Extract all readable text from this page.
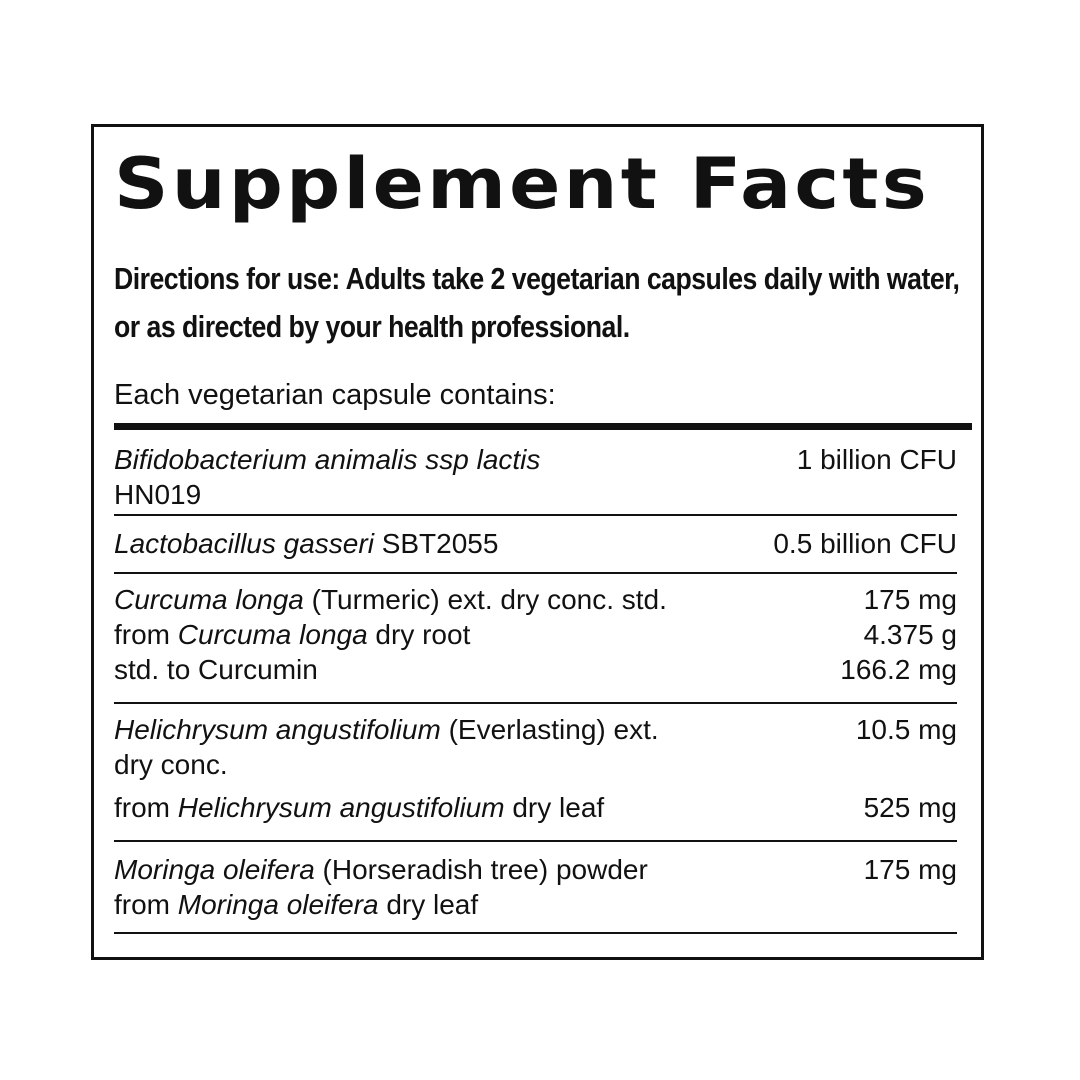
Supplement Facts

Directions for use: Adults take 2 vegetarian capsules daily with water, or as directed by your health professional.

Each vegetarian capsule contains:

Bifidobacterium animalis ssp lactis	1 billion CFU
HN019
Lactobacillus gasseri SBT2055	0.5 billion CFU
Curcuma longa (Turmeric) ext. dry conc. std.	175 mg
from Curcuma longa dry root	4.375 g
std. to Curcumin	166.2 mg
Helichrysum angustifolium (Everlasting) ext.	10.5 mg
dry conc.
from Helichrysum angustifolium dry leaf	525 mg
Moringa oleifera (Horseradish tree) powder	175 mg
from Moringa oleifera dry leaf
